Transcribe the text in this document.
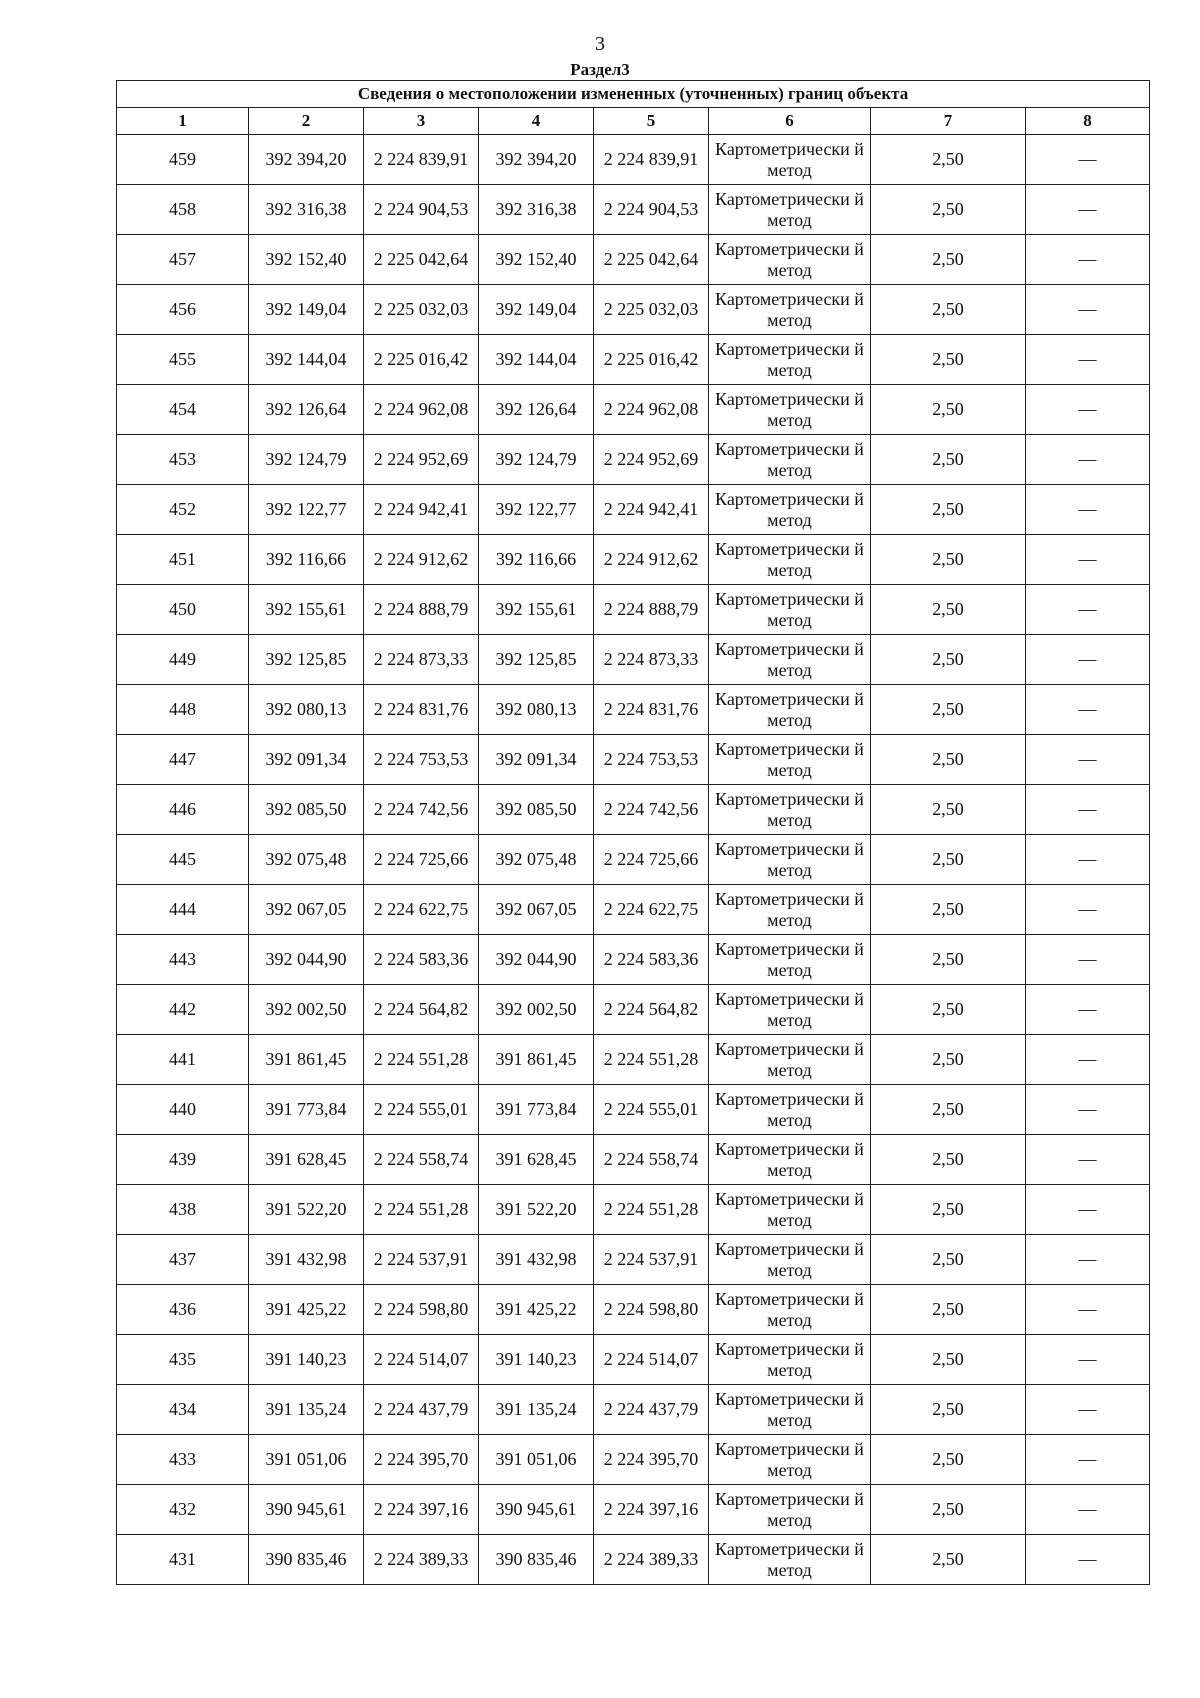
3
Раздел3
Сведения о местоположении измененных (уточненных) границ объекта							
1	2	3	4	5	6	7	8
459	392 394,20	2 224 839,91	392 394,20	2 224 839,91	Картометрически й метод	2,50	—
458	392 316,38	2 224 904,53	392 316,38	2 224 904,53	Картометрически й метод	2,50	—
457	392 152,40	2 225 042,64	392 152,40	2 225 042,64	Картометрически й метод	2,50	—
456	392 149,04	2 225 032,03	392 149,04	2 225 032,03	Картометрически й метод	2,50	—
455	392 144,04	2 225 016,42	392 144,04	2 225 016,42	Картометрически й метод	2,50	—
454	392 126,64	2 224 962,08	392 126,64	2 224 962,08	Картометрически й метод	2,50	—
453	392 124,79	2 224 952,69	392 124,79	2 224 952,69	Картометрически й метод	2,50	—
452	392 122,77	2 224 942,41	392 122,77	2 224 942,41	Картометрически й метод	2,50	—
451	392 116,66	2 224 912,62	392 116,66	2 224 912,62	Картометрически й метод	2,50	—
450	392 155,61	2 224 888,79	392 155,61	2 224 888,79	Картометрически й метод	2,50	—
449	392 125,85	2 224 873,33	392 125,85	2 224 873,33	Картометрически й метод	2,50	—
448	392 080,13	2 224 831,76	392 080,13	2 224 831,76	Картометрически й метод	2,50	—
447	392 091,34	2 224 753,53	392 091,34	2 224 753,53	Картометрически й метод	2,50	—
446	392 085,50	2 224 742,56	392 085,50	2 224 742,56	Картометрически й метод	2,50	—
445	392 075,48	2 224 725,66	392 075,48	2 224 725,66	Картометрически й метод	2,50	—
444	392 067,05	2 224 622,75	392 067,05	2 224 622,75	Картометрически й метод	2,50	—
443	392 044,90	2 224 583,36	392 044,90	2 224 583,36	Картометрически й метод	2,50	—
442	392 002,50	2 224 564,82	392 002,50	2 224 564,82	Картометрически й метод	2,50	—
441	391 861,45	2 224 551,28	391 861,45	2 224 551,28	Картометрически й метод	2,50	—
440	391 773,84	2 224 555,01	391 773,84	2 224 555,01	Картометрически й метод	2,50	—
439	391 628,45	2 224 558,74	391 628,45	2 224 558,74	Картометрически й метод	2,50	—
438	391 522,20	2 224 551,28	391 522,20	2 224 551,28	Картометрически й метод	2,50	—
437	391 432,98	2 224 537,91	391 432,98	2 224 537,91	Картометрически й метод	2,50	—
436	391 425,22	2 224 598,80	391 425,22	2 224 598,80	Картометрически й метод	2,50	—
435	391 140,23	2 224 514,07	391 140,23	2 224 514,07	Картометрически й метод	2,50	—
434	391 135,24	2 224 437,79	391 135,24	2 224 437,79	Картометрически й метод	2,50	—
433	391 051,06	2 224 395,70	391 051,06	2 224 395,70	Картометрически й метод	2,50	—
432	390 945,61	2 224 397,16	390 945,61	2 224 397,16	Картометрически й метод	2,50	—
431	390 835,46	2 224 389,33	390 835,46	2 224 389,33	Картометрически й метод	2,50	—
